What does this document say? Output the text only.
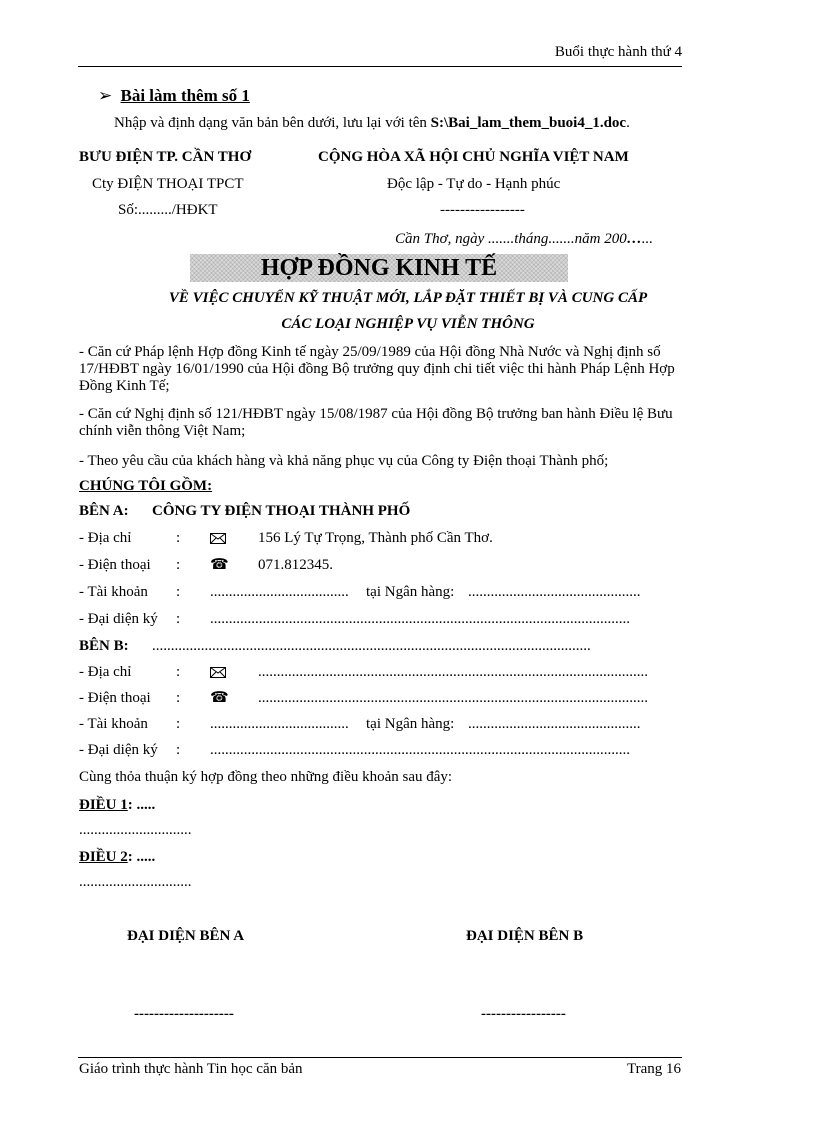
Buổi thực hành thứ 4
➢ Bài làm thêm số 1
Nhập và định dạng văn bản bên dưới, lưu lại với tên S:\Bai_lam_them_buoi4_1.doc.
BƯU ĐIỆN TP. CẦN THƠ
Cty ĐIỆN THOẠI TPCT
Số:........./HĐKT
CỘNG HÒA XÃ HỘI CHỦ NGHĨA VIỆT NAM
Độc lập - Tự do - Hạnh phúc
-----------------
Cần Thơ, ngày .......tháng.......năm 200…...
HỢP ĐỒNG KINH TẾ
VỀ VIỆC CHUYỂN KỸ THUẬT MỚI, LẮP ĐẶT THIẾT BỊ VÀ CUNG CẤP
CÁC LOẠI NGHIỆP VỤ VIỄN THÔNG
- Căn cứ Pháp lệnh Hợp đồng Kinh tế ngày 25/09/1989 của Hội đồng Nhà Nước và Nghị định số 17/HĐBT ngày 16/01/1990 của Hội đồng Bộ trưởng quy định chi tiết việc thi hành Pháp Lệnh Hợp Đồng Kinh Tế;
- Căn cứ Nghị định số 121/HĐBT ngày 15/08/1987 của Hội đồng Bộ trưởng ban hành Điều lệ Bưu chính viễn thông Việt Nam;
- Theo yêu cầu của khách hàng và khả năng phục vụ của Công ty Điện thoại Thành phố;
CHÚNG TÔI GỒM:
BÊN A: CÔNG TY ĐIỆN THOẠI THÀNH PHỐ
- Địa chỉ	:	156 Lý Tự Trọng, Thành phố Cần Thơ.
- Điện thoại : ☎ 071.812345.
- Tài khoản : ..................................... tại Ngân hàng: ..............................................
- Đại diện ký : ................................................................................................................
BÊN B: .....................................................................................................................
- Địa chỉ	:	........................................................................................................
- Điện thoại : ☎ ........................................................................................................
- Tài khoản : ..................................... tại Ngân hàng: ..............................................
- Đại diện ký : ................................................................................................................
Cùng thỏa thuận ký hợp đồng theo những điều khoản sau đây:
ĐIỀU 1: .....
..............................
ĐIỀU 2: .....
..............................
ĐẠI DIỆN BÊN A	ĐẠI DIỆN BÊN B
--------------------	-----------------
Giáo trình thực hành Tin học căn bản	Trang 16
